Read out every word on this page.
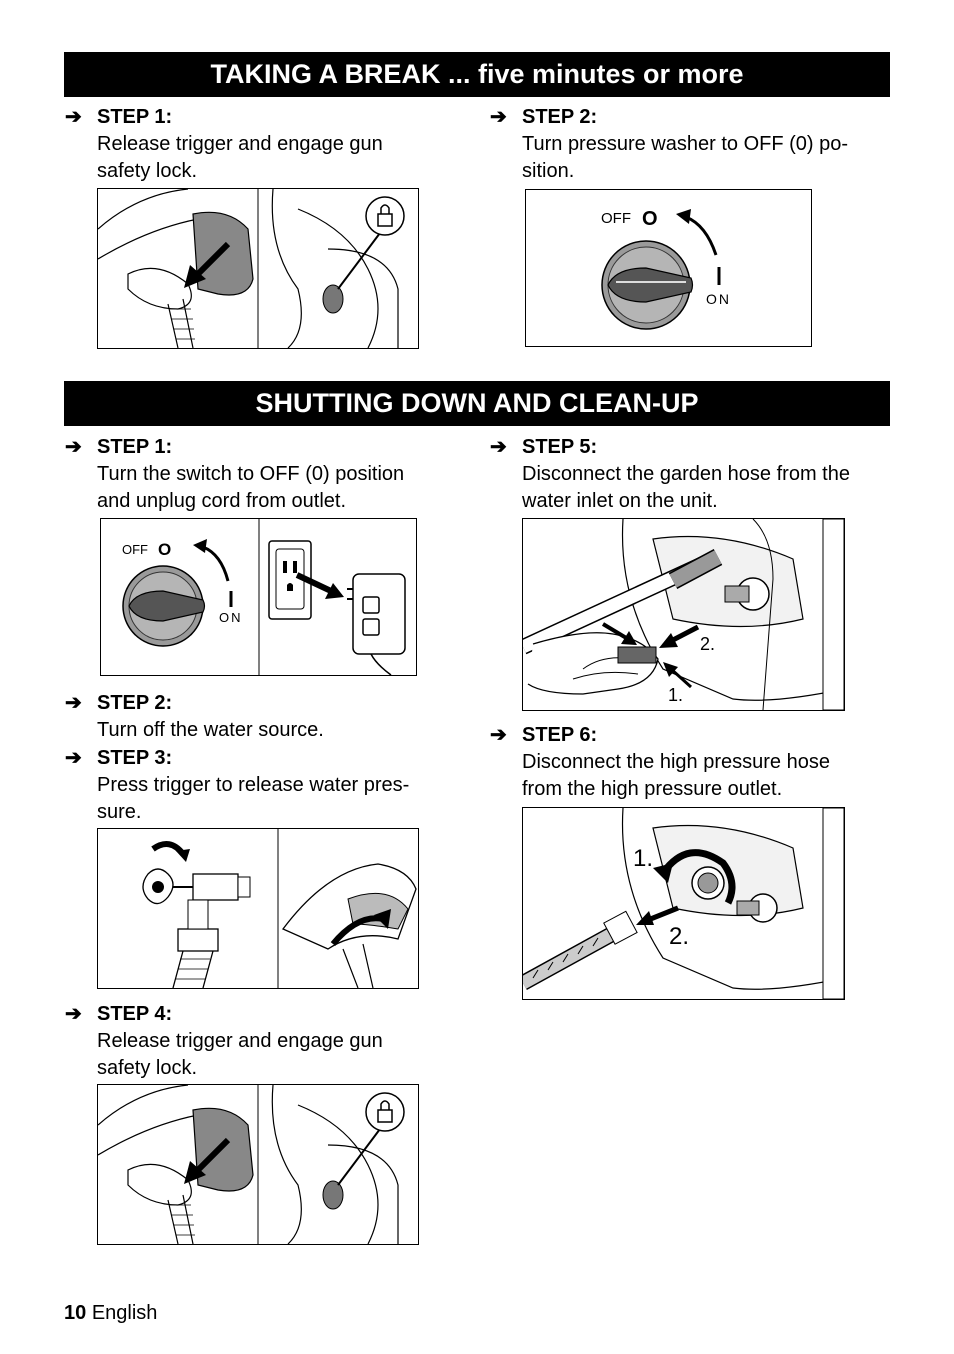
TAKING A BREAK ... five minutes or more
➔ STEP 1:
Release trigger and engage gun
safety lock.
➔ STEP 2:
Turn pressure washer to OFF (0) po-
sition.
OFF O
ON
SHUTTING DOWN AND CLEAN-UP
➔ STEP 1:
Turn the switch to OFF (0) position
and unplug cord from outlet.
➔ STEP 5:
Disconnect the garden hose from the
water inlet on the unit.
OFF O
ON
2.
1.
➔ STEP 2:
Turn off the water source.
➔ STEP 3:
Press trigger to release water pres-
sure.
➔ STEP 6:
Disconnect the high pressure hose
from the high pressure outlet.
1.
2.
➔ STEP 4:
Release trigger and engage gun
safety lock.
10 English
